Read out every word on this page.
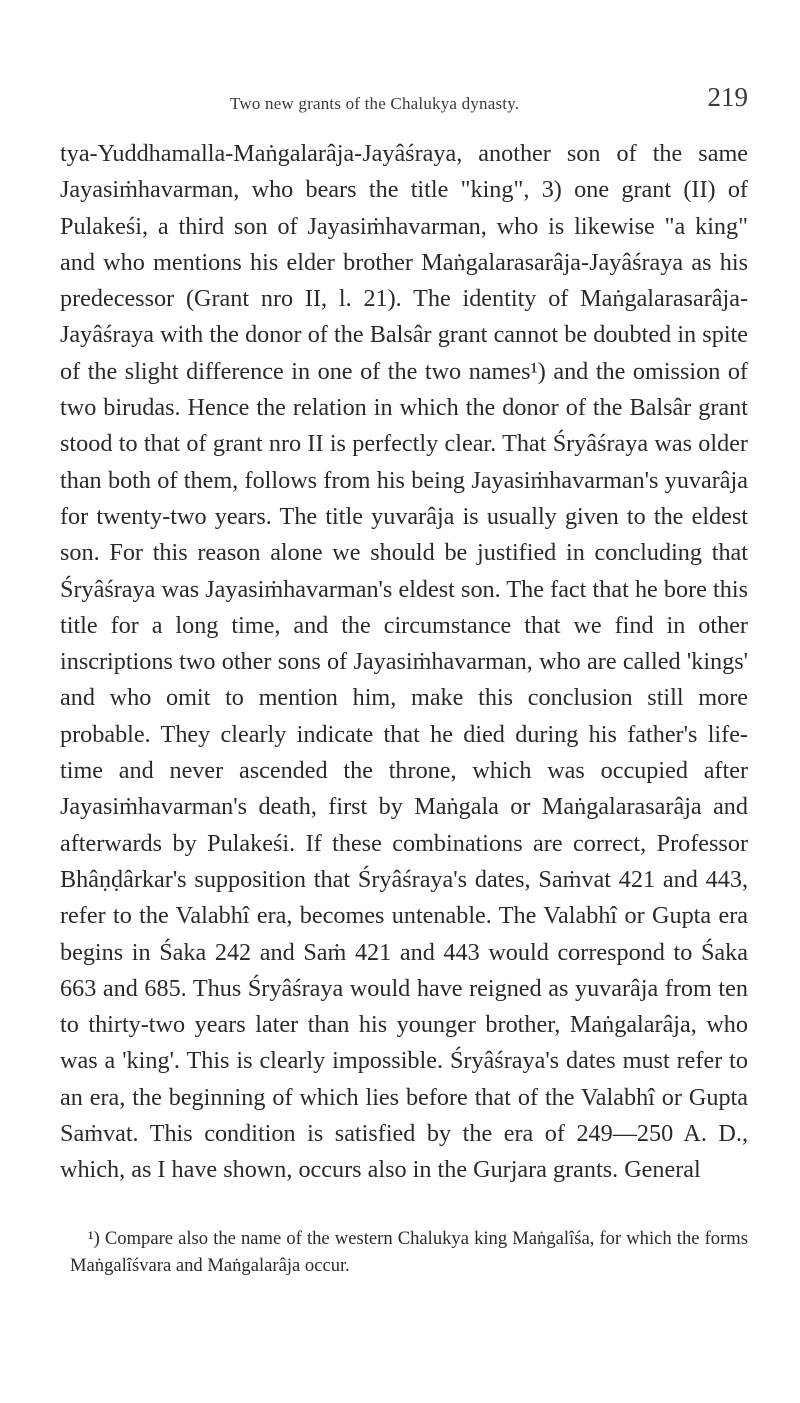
Two new grants of the Chalukya dynasty.	219

tya-Yuddhamalla-Maṅgalarâja-Jayâśraya, another son of the same Jayasiṁhavarman, who bears the title "king", 3) one grant (II) of Pulakeśi, a third son of Jayasiṁhavarman, who is likewise "a king" and who mentions his elder brother Maṅgalarasarâja-Jayâśraya as his predecessor (Grant nro II, l. 21). The identity of Maṅgalarasarâja-Jayâśraya with the donor of the Balsâr grant cannot be doubted in spite of the slight difference in one of the two names¹) and the omission of two birudas. Hence the relation in which the donor of the Balsâr grant stood to that of grant nro II is perfectly clear. That Śryâśraya was older than both of them, follows from his being Jayasiṁhavarman's yuvarâja for twenty-two years. The title yuvarâja is usually given to the eldest son. For this reason alone we should be justified in concluding that Śryâśraya was Jayasiṁhavarman's eldest son. The fact that he bore this title for a long time, and the circumstance that we find in other inscriptions two other sons of Jayasiṁhavarman, who are called 'kings' and who omit to mention him, make this conclusion still more probable. They clearly indicate that he died during his father's life-time and never ascended the throne, which was occupied after Jayasiṁhavarman's death, first by Maṅgala or Maṅgalarasarâja and afterwards by Pulakeśi. If these combinations are correct, Professor Bhâṇḍârkar's supposition that Śryâśraya's dates, Saṁvat 421 and 443, refer to the Valabhî era, becomes untenable. The Valabhî or Gupta era begins in Śaka 242 and Saṁ 421 and 443 would correspond to Śaka 663 and 685. Thus Śryâśraya would have reigned as yuvarâja from ten to thirty-two years later than his younger brother, Maṅgalarâja, who was a 'king'. This is clearly impossible. Śryâśraya's dates must refer to an era, the beginning of which lies before that of the Valabhî or Gupta Saṁvat. This condition is satisfied by the era of 249—250 A. D., which, as I have shown, occurs also in the Gurjara grants. General

¹) Compare also the name of the western Chalukya king Maṅgalîśa, for which the forms Maṅgalîśvara and Maṅgalarâja occur.
